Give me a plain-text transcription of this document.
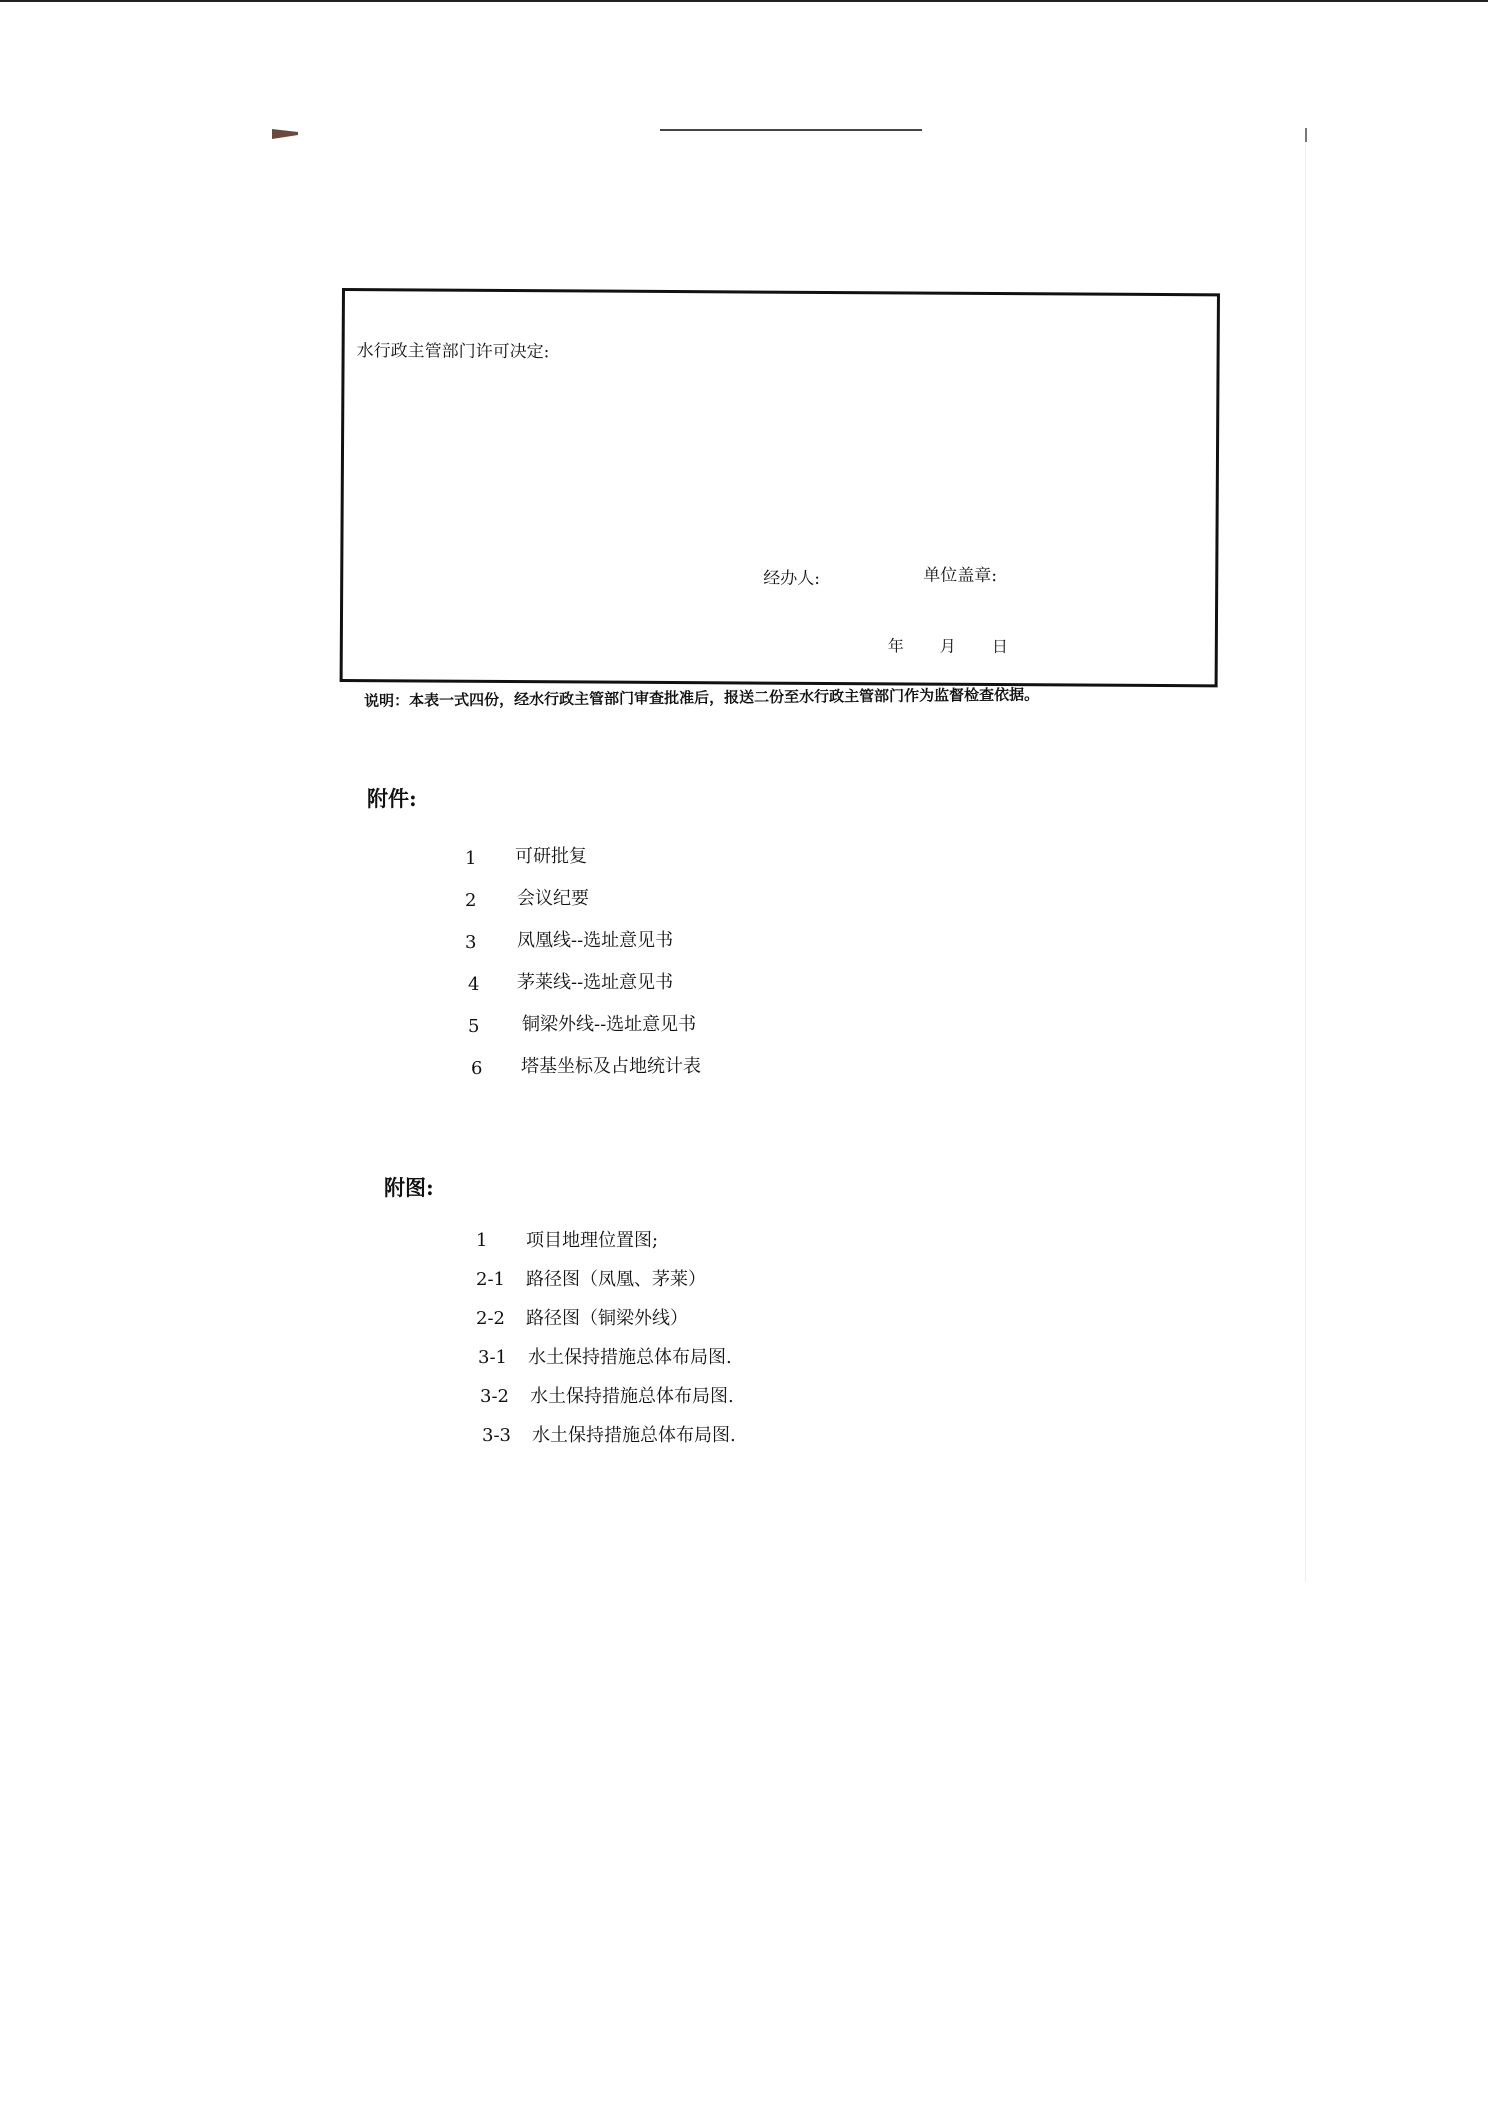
水行政主管部门许可决定:
经办人:	单位盖章:
年 月 日
说明：本表一式四份，经水行政主管部门审查批准后，报送二份至水行政主管部门作为监督检查依据。
附件:
1 可研批复
2 会议纪要
3 凤凰线--选址意见书
4 茅莱线--选址意见书
5 铜梁外线--选址意见书
6 塔基坐标及占地统计表
附图:
1 项目地理位置图;
2-1 路径图（凤凰、茅莱）
2-2 路径图（铜梁外线）
3-1 水土保持措施总体布局图.
3-2 水土保持措施总体布局图.
3-3 水土保持措施总体布局图.
